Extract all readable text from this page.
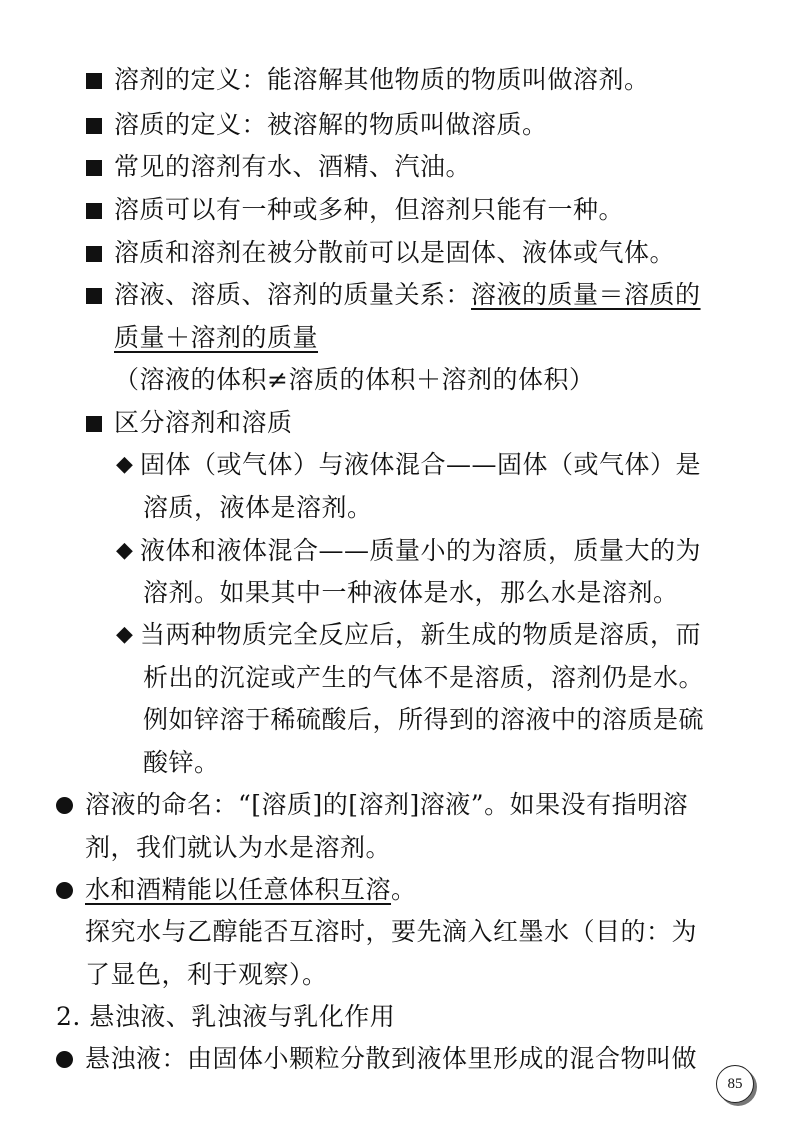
溶剂的定义：能溶解其他物质的物质叫做溶剂。
溶质的定义：被溶解的物质叫做溶质。
常见的溶剂有水、酒精、汽油。
溶质可以有一种或多种，但溶剂只能有一种。
溶质和溶剂在被分散前可以是固体、液体或气体。
溶液、溶质、溶剂的质量关系：溶液的质量＝溶质的
质量＋溶剂的质量
（溶液的体积≠溶质的体积＋溶剂的体积）
区分溶剂和溶质
◆ 固体（或气体）与液体混合——固体（或气体）是
溶质，液体是溶剂。
◆ 液体和液体混合——质量小的为溶质，质量大的为
溶剂。如果其中一种液体是水，那么水是溶剂。
◆ 当两种物质完全反应后，新生成的物质是溶质，而
析出的沉淀或产生的气体不是溶质，溶剂仍是水。
例如锌溶于稀硫酸后，所得到的溶液中的溶质是硫
酸锌。
溶液的命名：“[溶质]的[溶剂]溶液”。如果没有指明溶
剂，我们就认为水是溶剂。
水和酒精能以任意体积互溶。
探究水与乙醇能否互溶时，要先滴入红墨水（目的：为
了显色，利于观察）。
2. 悬浊液、乳浊液与乳化作用
悬浊液：由固体小颗粒分散到液体里形成的混合物叫做
85
